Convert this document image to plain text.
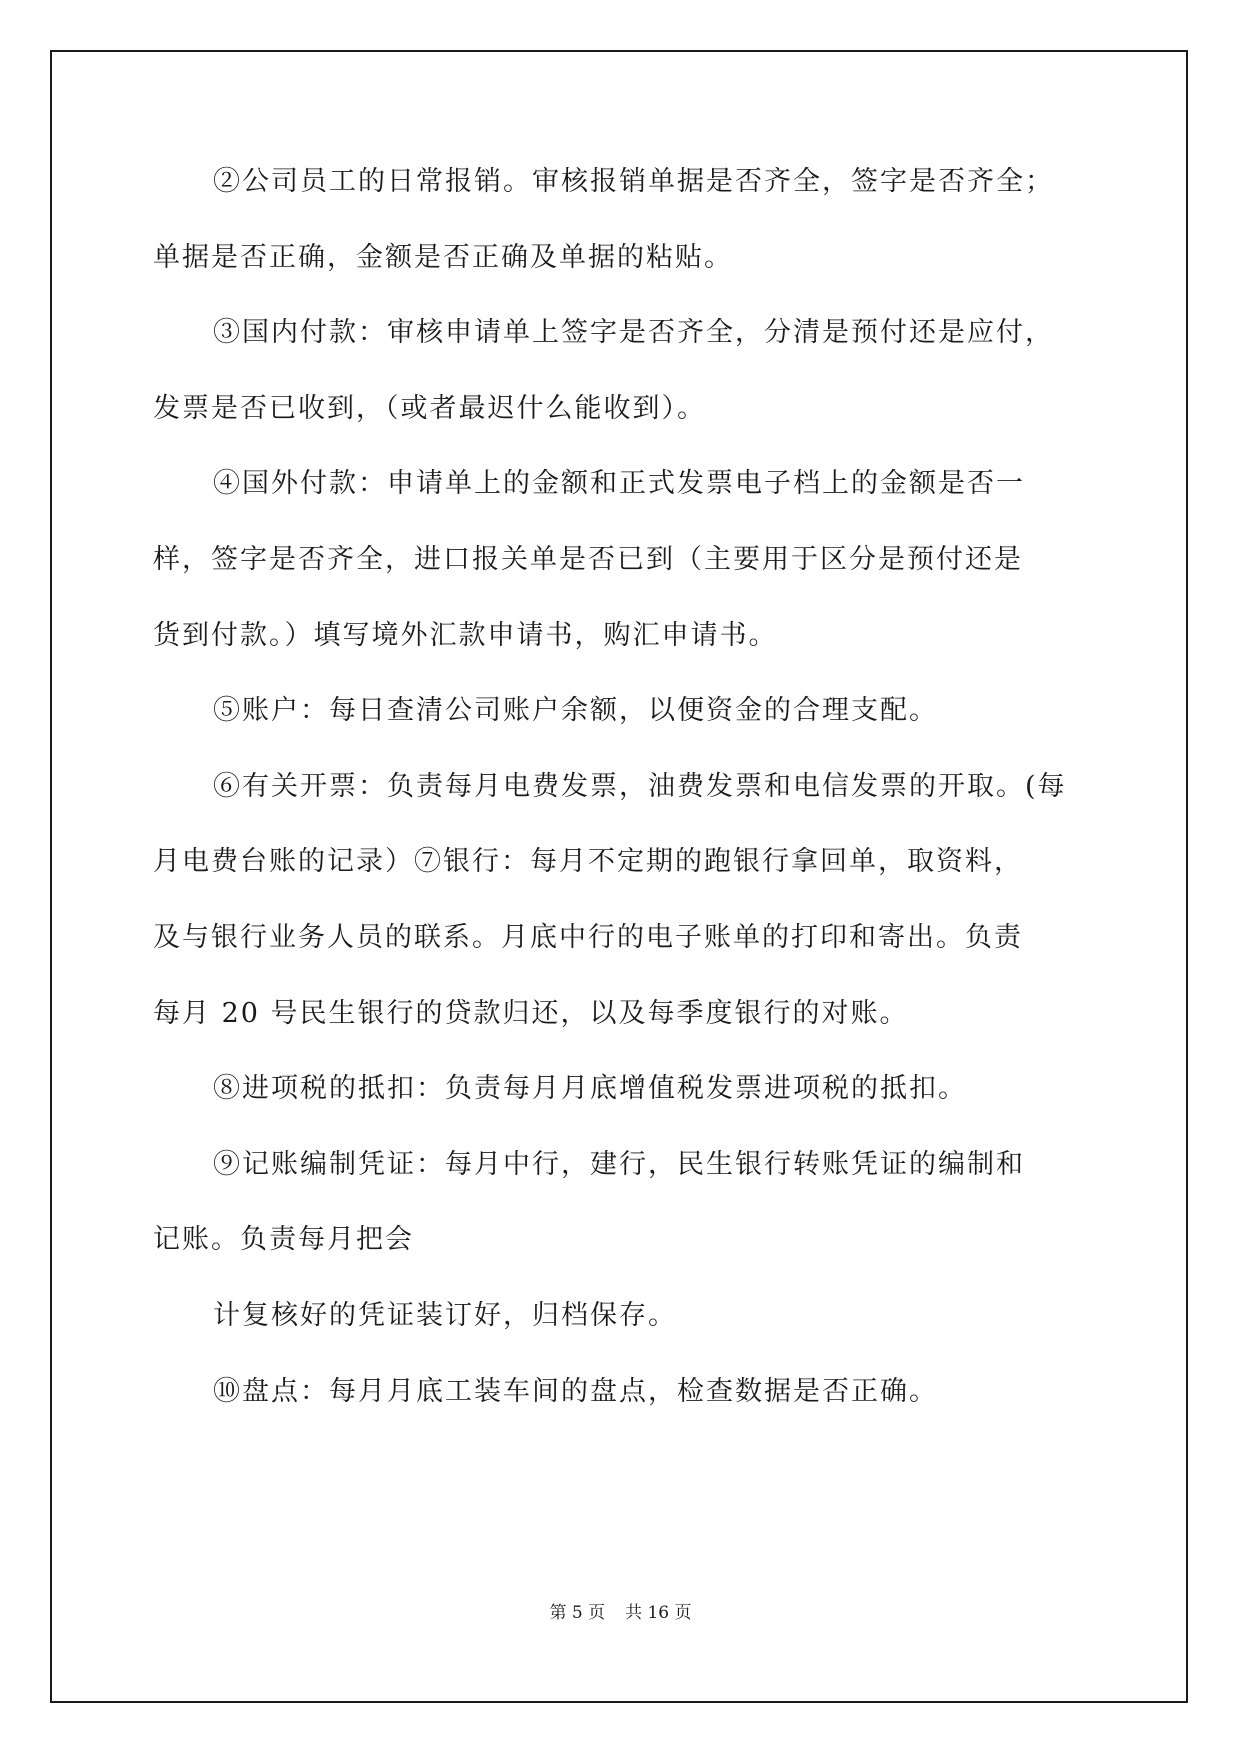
②公司员工的日常报销。审核报销单据是否齐全，签字是否齐全；
单据是否正确，金额是否正确及单据的粘贴。
③国内付款：审核申请单上签字是否齐全，分清是预付还是应付，
发票是否已收到，（或者最迟什么能收到）。
④国外付款：申请单上的金额和正式发票电子档上的金额是否一
样，签字是否齐全，进口报关单是否已到（主要用于区分是预付还是
货到付款。）填写境外汇款申请书，购汇申请书。
⑤账户：每日查清公司账户余额，以便资金的合理支配。
⑥有关开票：负责每月电费发票，油费发票和电信发票的开取。(每
月电费台账的记录）⑦银行：每月不定期的跑银行拿回单，取资料，
及与银行业务人员的联系。月底中行的电子账单的打印和寄出。负责
每月 20 号民生银行的贷款归还，以及每季度银行的对账。
⑧进项税的抵扣：负责每月月底增值税发票进项税的抵扣。
⑨记账编制凭证：每月中行，建行，民生银行转账凭证的编制和
记账。负责每月把会
计复核好的凭证装订好，归档保存。
⑩盘点：每月月底工装车间的盘点，检查数据是否正确。
第 5 页 共 16 页
